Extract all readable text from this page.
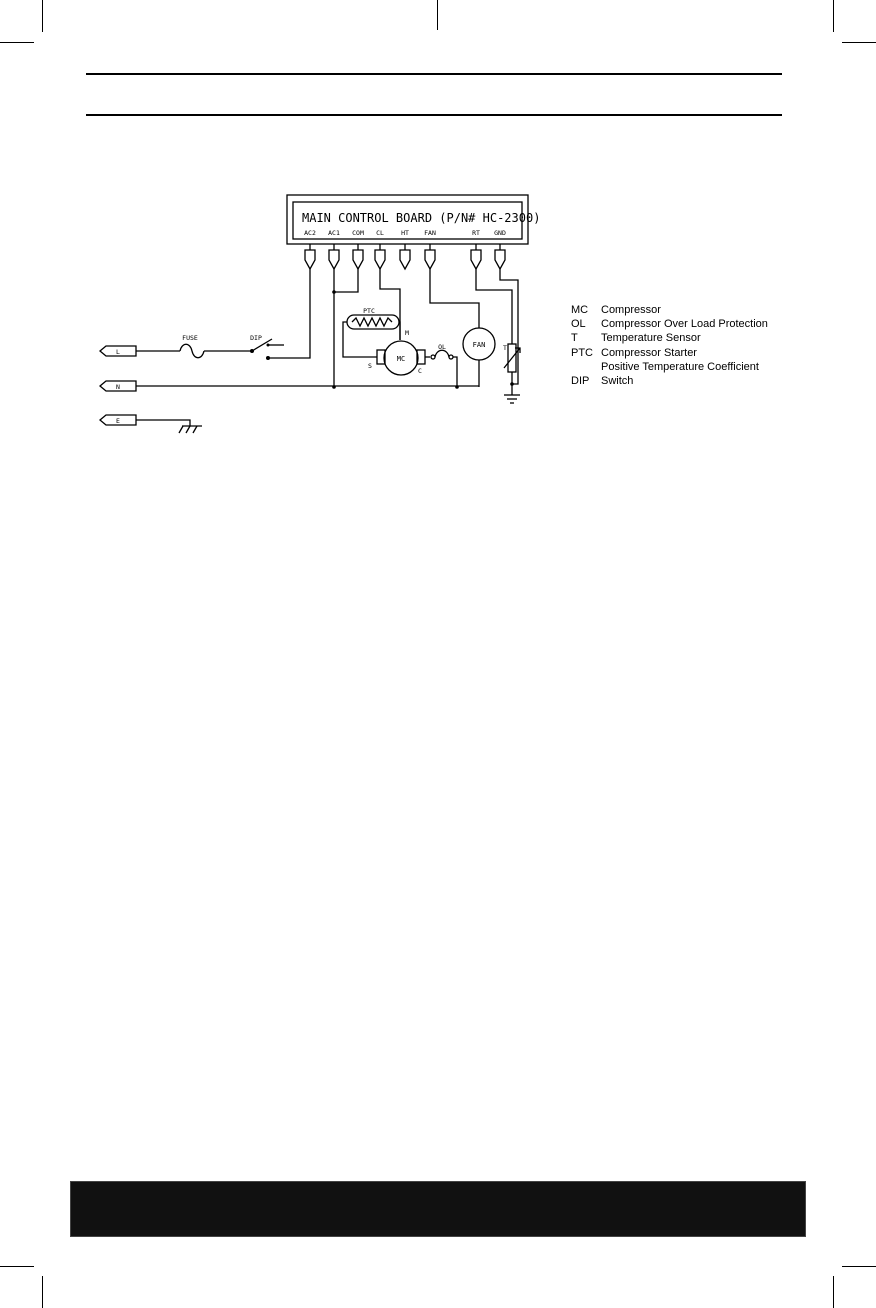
MAIN CONTROL BOARD (P/N# HC-2300)
AC2 AC1 COM CL	HT FAN	RT GND
L
N
E
FUSE	DIP
PTC
OL	T
M
S
C
MC
FAN
MC	Compressor
OL	Compressor Over Load Protection
T	Temperature Sensor
PTC Compressor Starter
Positive Temperature Coefficient
DIP	Switch
